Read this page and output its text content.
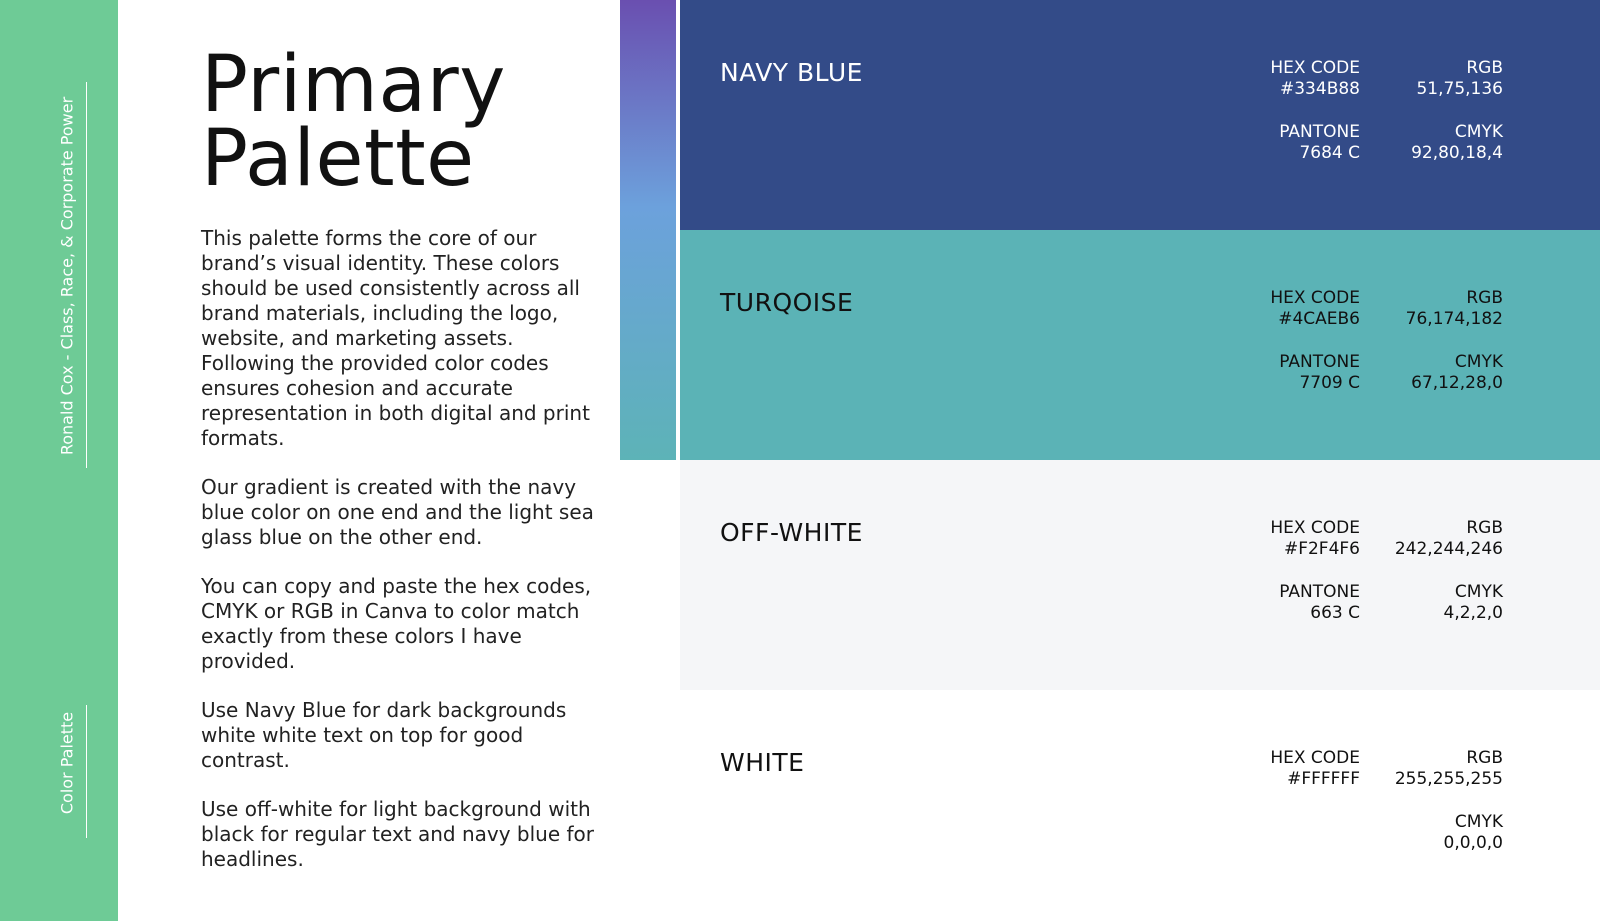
Ronald Cox - Class, Race, & Corporate Power
Color Palette
Primary
Palette

This palette forms the core of our brand’s visual identity. These colors should be used consistently across all brand materials, including the logo, website, and marketing assets. Following the provided color codes ensures cohesion and accurate representation in both digital and print formats.

Our gradient is created with the navy blue color on one end and the light sea glass blue on the other end.

You can copy and paste the hex codes, CMYK or RGB in Canva to color match exactly from these colors I have provided.

Use Navy Blue for dark backgrounds white white text on top for good contrast.

Use off-white for light background with black for regular text and navy blue for headlines.

NAVY BLUE	HEX CODE
#334B88
RGB
51,75,136
PANTONE
7684 C
CMYK
92,80,18,4
TURQOISE	HEX CODE
#4CAEB6
RGB
76,174,182
PANTONE
7709 C
CMYK
67,12,28,0
OFF-WHITE	HEX CODE
#F2F4F6
RGB
242,244,246
PANTONE
663 C
CMYK
4,2,2,0
WHITE	HEX CODE
#FFFFFF
RGB
255,255,255
CMYK
0,0,0,0
